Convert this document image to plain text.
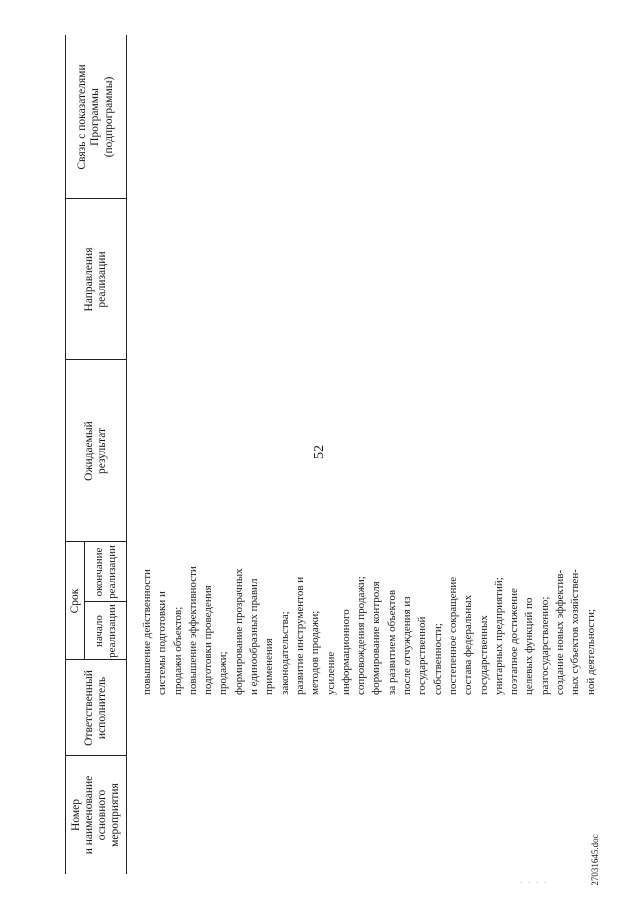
52
Номер
и наименование
основного
мероприятия
Ответственный
исполнитель
Срок
начало
реализации
окончание
реализации
Ожидаемый
результат
Направления
реализации
Связь с показателями
Программы
(подпрограммы)
повышение действенности
системы подготовки и
продажи объектов;
повышение эффективности
подготовки проведения
продажи;
формирование прозрачных
и единообразных правил
применения
законодательства;
развитие инструментов и
методов продажи;
усиление
информационного
сопровождения продажи;
формирование контроля
за развитием объектов
после отчуждения из
государственной
собственности;
постепенное сокращение
состава федеральных
государственных
унитарных предприятий;
поэтапное достижение
целевых функций по
разгосударствлению;
создание новых эффектив-
ных субъектов хозяйствен-
ной деятельности;
27031645.doc
. . . .
